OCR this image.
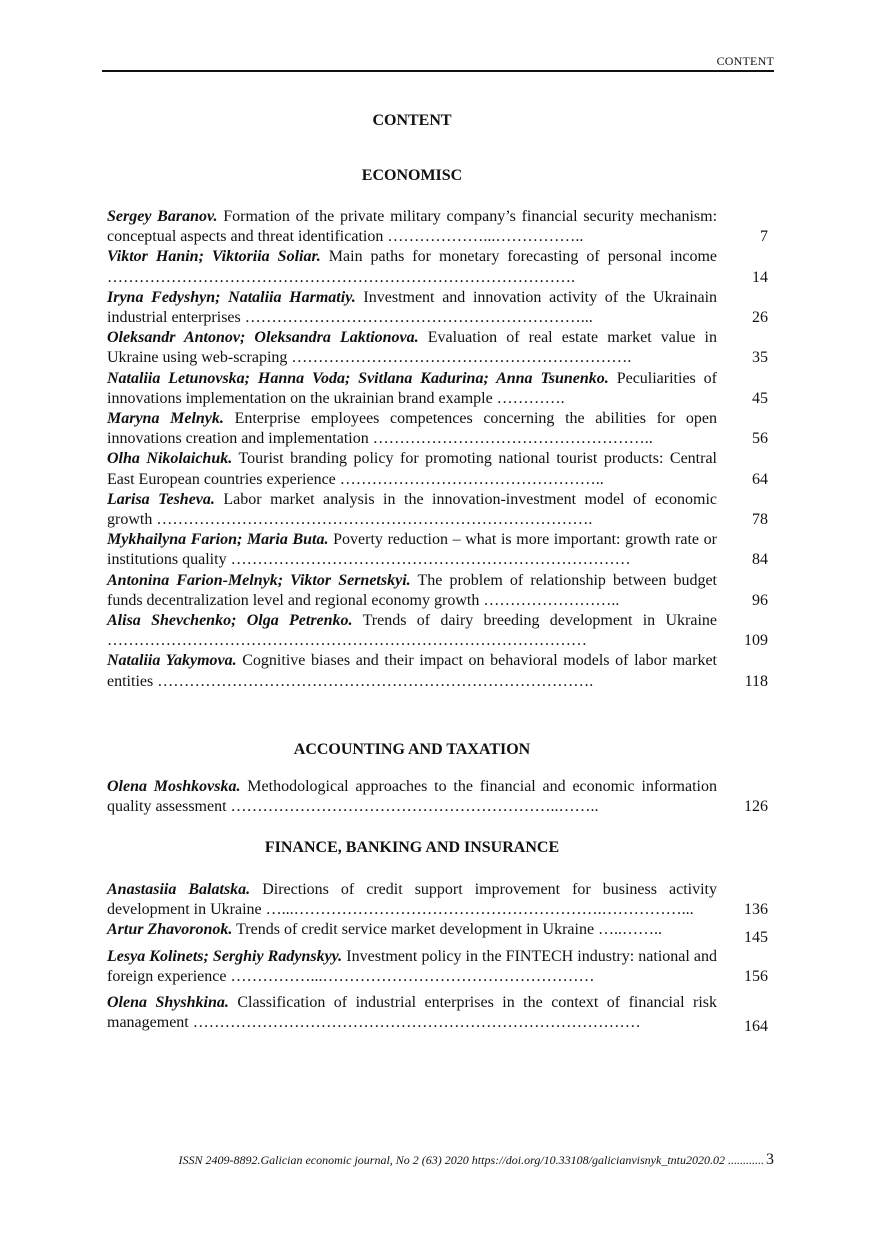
CONTENT
CONTENT
ECONOMISC
Sergey Baranov. Formation of the private military company’s financial security mechanism: conceptual aspects and threat identification ………………...……………..	7
Viktor Hanin; Viktoriia Soliar. Main paths for monetary forecasting of personal income …………………………………………………………………………….	14
Iryna Fedyshyn; Nataliia Harmatiy. Investment and innovation activity of the Ukrainain industrial enterprises ………………………………………………………...	26
Oleksandr Antonov; Oleksandra Laktionova. Evaluation of real estate market value in Ukraine using web-scraping ……………………………………………………….	35
Nataliia Letunovska; Hanna Voda; Svitlana Kadurina; Anna Tsunenko. Peculiarities of innovations implementation on the ukrainian brand example ………….	45
Maryna Melnyk. Enterprise employees competences concerning the abilities for open innovations creation and implementation ……………………………………………..	56
Olha Nikolaichuk. Tourist branding policy for promoting national tourist products: Central East European countries experience …………………………………………..	64
Larisa Tesheva. Labor market analysis in the innovation-investment model of economic growth ……………………………………………………………………….	78
Mykhailyna Farion; Maria Buta. Poverty reduction – what is more important: growth rate or institutions quality …………………………………………………………………	84
Antonina Farion-Melnyk; Viktor Sernetskyi. The problem of relationship between budget funds decentralization level and regional economy growth ……………………..	96
Alisa Shevchenko; Olga Petrenko. Trends of dairy breeding development in Ukraine ………………………………………………………………………………	109
Nataliia Yakymova. Cognitive biases and their impact on behavioral models of labor market entities ……………………………………………………………………….	118
ACCOUNTING AND TAXATION
Olena Moshkovska. Methodological approaches to the financial and economic information quality assessment ……………………………………………………..……..	126
FINANCE, BANKING AND INSURANCE
Anastasiia Balatska. Directions of credit support improvement for business activity development in Ukraine …...………………………………………………….……………...	136
Artur Zhavoronok. Trends of credit service market development in Ukraine …..……..	145
Lesya Kolinets; Serghiy Radynskyy. Investment policy in the FINTECH industry: national and foreign experience ……………...……………………………………………	156
Olena Shyshkina. Classification of industrial enterprises in the context of financial risk management …………………………………………………………………………	164
ISSN 2409-8892.Galician economic journal, No 2 (63) 2020 https://doi.org/10.33108/galicianvisnyk_tntu2020.02 ............ 3
